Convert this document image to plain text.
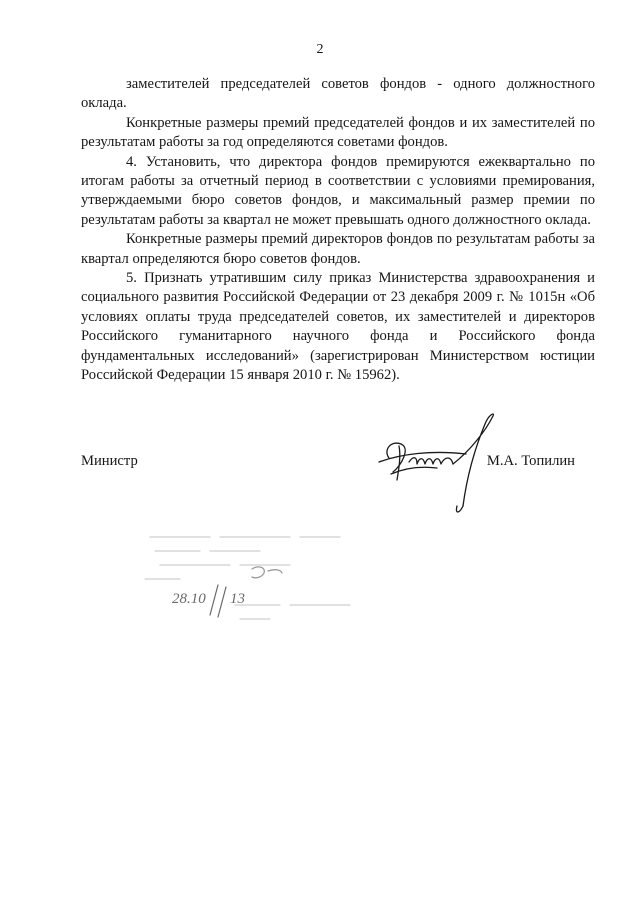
2

заместителей председателей советов фондов - одного должностного оклада.

Конкретные размеры премий председателей фондов и их заместителей по результатам работы за год определяются советами фондов.

4. Установить, что директора фондов премируются ежеквартально по итогам работы за отчетный период в соответствии с условиями премирования, утверждаемыми бюро советов фондов, и максимальный размер премии по результатам работы за квартал не может превышать одного должностного оклада.

Конкретные размеры премий директоров фондов по результатам работы за квартал определяются бюро советов фондов.

5. Признать утратившим силу приказ Министерства здравоохранения и социального развития Российской Федерации от 23 декабря 2009 г. № 1015н «Об условиях оплаты труда председателей советов, их заместителей и директоров Российского гуманитарного научного фонда и Российского фонда фундаментальных исследований» (зарегистрирован Министерством юстиции Российской Федерации 15 января 2010 г. № 15962).

Министр	М.А. Топилин
28.10 13
